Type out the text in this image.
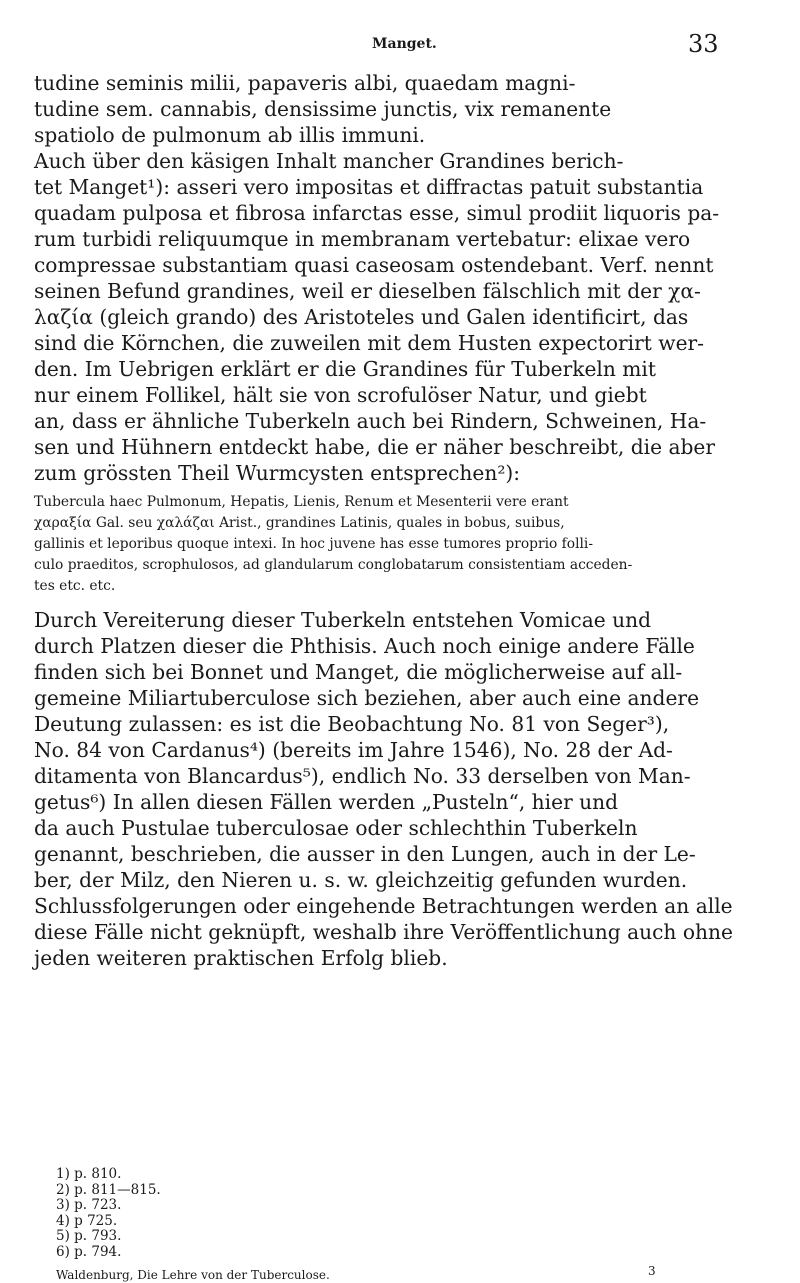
Manget.	33
tudine seminis milii, papaveris albi, quaedam magni-
tudine sem. cannabis, densissime junctis, vix remanente
spatiolo de pulmonum ab illis immuni.
Auch über den käsigen Inhalt mancher Grandines berich-
tet Manget¹): asseri vero impositas et diffractas patuit substantia
quadam pulposa et fibrosa infarctas esse, simul prodiit liquoris pa-
rum turbidi reliquumque in membranam vertebatur: elixae vero
compressae substantiam quasi caseosam ostendebant. Verf. nennt
seinen Befund grandines, weil er dieselben fälschlich mit der χα-
λαζία (gleich grando) des Aristoteles und Galen identificirt, das
sind die Körnchen, die zuweilen mit dem Husten expectorirt wer-
den. Im Uebrigen erklärt er die Grandines für Tuberkeln mit
nur einem Follikel, hält sie von scrofulöser Natur, und giebt
an, dass er ähnliche Tuberkeln auch bei Rindern, Schweinen, Ha-
sen und Hühnern entdeckt habe, die er näher beschreibt, die aber
zum grössten Theil Wurmcysten entsprechen²):
Tubercula haec Pulmonum, Hepatis, Lienis, Renum et Mesenterii vere erant
χαραξία Gal. seu χαλάζαι Arist., grandines Latinis, quales in bobus, suibus,
gallinis et leporibus quoque intexi. In hoc juvene has esse tumores proprio folli-
culo praeditos, scrophulosos, ad glandularum conglobatarum consistentiam acceden-
tes etc. etc.
Durch Vereiterung dieser Tuberkeln entstehen Vomicae und
durch Platzen dieser die Phthisis. Auch noch einige andere Fälle
finden sich bei Bonnet und Manget, die möglicherweise auf all-
gemeine Miliartuberculose sich beziehen, aber auch eine andere
Deutung zulassen: es ist die Beobachtung No. 81 von Seger³),
No. 84 von Cardanus⁴) (bereits im Jahre 1546), No. 28 der Ad-
ditamenta von Blancardus⁵), endlich No. 33 derselben von Man-
getus⁶) In allen diesen Fällen werden „Pusteln“, hier und
da auch Pustulae tuberculosae oder schlechthin Tuberkeln
genannt, beschrieben, die ausser in den Lungen, auch in der Le-
ber, der Milz, den Nieren u. s. w. gleichzeitig gefunden wurden.
Schlussfolgerungen oder eingehende Betrachtungen werden an alle
diese Fälle nicht geknüpft, weshalb ihre Veröffentlichung auch ohne
jeden weiteren praktischen Erfolg blieb.
1) p. 810.
2) p. 811—815.
3) p. 723.
4) p 725.
5) p. 793.
6) p. 794.
Waldenburg, Die Lehre von der Tuberculose.	3
